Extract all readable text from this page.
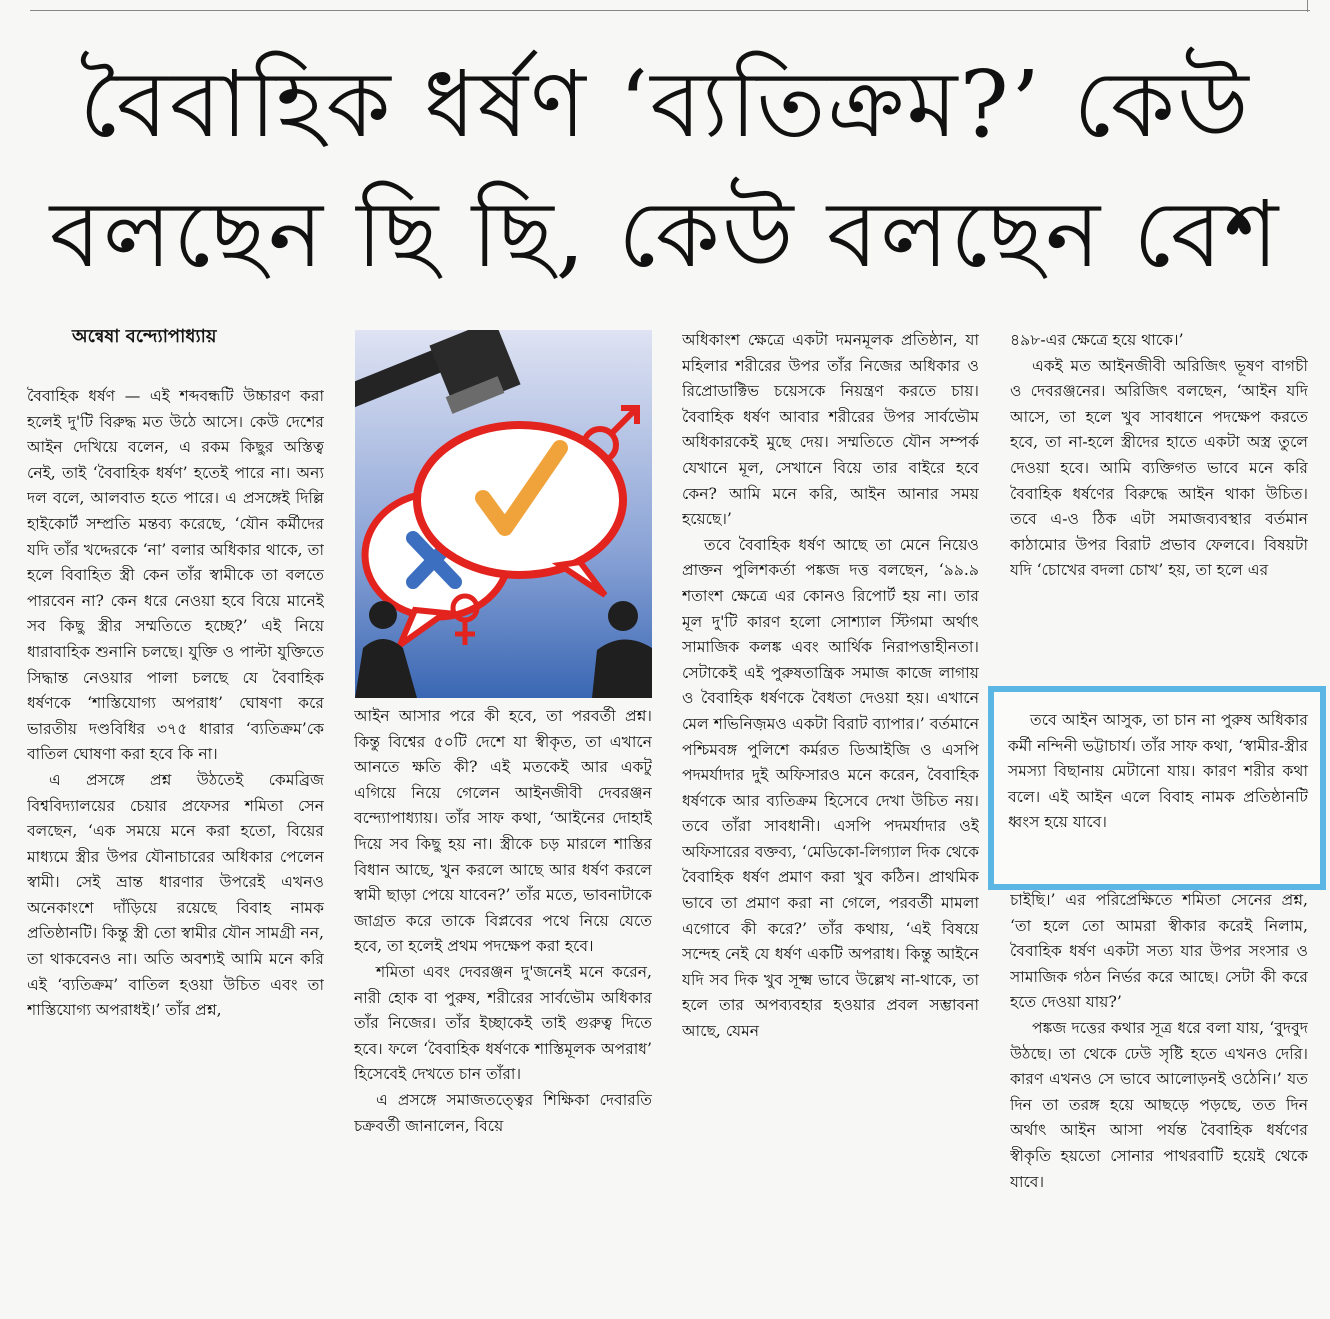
বৈবাহিক ধর্ষণ ‘ব্যতিক্রম?’ কেউ
বলছেন ছি ছি, কেউ বলছেন বেশ
অন্বেষা বন্দ্যোপাধ্যায়

বৈবাহিক ধর্ষণ — এই শব্দবন্ধটি উচ্চারণ করা হলেই দু'টি বিরুদ্ধ মত উঠে আসে। কেউ দেশের আইন দেখিয়ে বলেন, এ রকম কিছুর অস্তিত্ব নেই, তাই ‘বৈবাহিক ধর্ষণ’ হতেই পারে না। অন্য দল বলে, আলবাত হতে পারে। এ প্রসঙ্গেই দিল্লি হাইকোর্ট সম্প্রতি মন্তব্য করেছে, ‘যৌন কর্মীদের যদি তাঁর খদ্দেরকে ‘না’ বলার অধিকার থাকে, তা হলে বিবাহিত স্ত্রী কেন তাঁর স্বামীকে তা বলতে পারবেন না? কেন ধরে নেওয়া হবে বিয়ে মানেই সব কিছু স্ত্রীর সম্মতিতে হচ্ছে?’ এই নিয়ে ধারাবাহিক শুনানি চলছে। যুক্তি ও পাল্টা যুক্তিতে সিদ্ধান্ত নেওয়ার পালা চলছে যে বৈবাহিক ধর্ষণকে ‘শাস্তিযোগ্য অপরাধ’ ঘোষণা করে ভারতীয় দণ্ডবিধির ৩৭৫ ধারার ‘ব্যতিক্রম’কে বাতিল ঘোষণা করা হবে কি না।

এ প্রসঙ্গে প্রশ্ন উঠতেই কেমব্রিজ বিশ্ববিদ্যালয়ের চেয়ার প্রফেসর শমিতা সেন বলছেন, ‘এক সময়ে মনে করা হতো, বিয়ের মাধ্যমে স্ত্রীর উপর যৌনাচারের অধিকার পেলেন স্বামী। সেই ভ্রান্ত ধারণার উপরেই এখনও অনেকাংশে দাঁড়িয়ে রয়েছে বিবাহ নামক প্রতিষ্ঠানটি। কিন্তু স্ত্রী তো স্বামীর যৌন সামগ্রী নন, তা থাকবেনও না। অতি অবশ্যই আমি মনে করি এই ‘ব্যতিক্রম’ বাতিল হওয়া উচিত এবং তা শাস্তিযোগ্য অপরাধই।’ তাঁর প্রশ্ন,

আইন আসার পরে কী হবে, তা পরবর্তী প্রশ্ন। কিন্তু বিশ্বের ৫০টি দেশে যা স্বীকৃত, তা এখানে আনতে ক্ষতি কী? এই মতকেই আর একটু এগিয়ে নিয়ে গেলেন আইনজীবী দেবরঞ্জন বন্দ্যোপাধ্যায়। তাঁর সাফ কথা, ‘আইনের দোহাই দিয়ে সব কিছু হয় না। স্ত্রীকে চড় মারলে শাস্তির বিধান আছে, খুন করলে আছে আর ধর্ষণ করলে স্বামী ছাড়া পেয়ে যাবেন?’ তাঁর মতে, ভাবনাটাকে জাগ্রত করে তাকে বিপ্লবের পথে নিয়ে যেতে হবে, তা হলেই প্রথম পদক্ষেপ করা হবে।

শমিতা এবং দেবরঞ্জন দু'জনেই মনে করেন, নারী হোক বা পুরুষ, শরীরের সার্বভৌম অধিকার তাঁর নিজের। তাঁর ইচ্ছাকেই তাই গুরুত্ব দিতে হবে। ফলে ‘বৈবাহিক ধর্ষণকে শাস্তিমূলক অপরাধ’ হিসেবেই দেখতে চান তাঁরা।

এ প্রসঙ্গে সমাজতত্ত্বের শিক্ষিকা দেবারতি চক্রবর্তী জানালেন, বিয়ে

অধিকাংশ ক্ষেত্রে একটা দমনমূলক প্রতিষ্ঠান, যা মহিলার শরীরের উপর তাঁর নিজের অধিকার ও রিপ্রোডাক্টিভ চয়েসকে নিয়ন্ত্রণ করতে চায়। বৈবাহিক ধর্ষণ আবার শরীরের উপর সার্বভৌম অধিকারকেই মুছে দেয়। সম্মতিতে যৌন সম্পর্ক যেখানে মূল, সেখানে বিয়ে তার বাইরে হবে কেন? আমি মনে করি, আইন আনার সময় হয়েছে।’

তবে বৈবাহিক ধর্ষণ আছে তা মেনে নিয়েও প্রাক্তন পুলিশকর্তা পঙ্কজ দত্ত বলছেন, ‘৯৯.৯ শতাংশ ক্ষেত্রে এর কোনও রিপোর্ট হয় না। তার মূল দু'টি কারণ হলো সোশ্যাল স্টিগমা অর্থাৎ সামাজিক কলঙ্ক এবং আর্থিক নিরাপত্তাহীনতা। সেটাকেই এই পুরুষতান্ত্রিক সমাজ কাজে লাগায় ও বৈবাহিক ধর্ষণকে বৈধতা দেওয়া হয়। এখানে মেল শভিনিজ়মও একটা বিরাট ব্যাপার।’ বর্তমানে পশ্চিমবঙ্গ পুলিশে কর্মরত ডিআইজি ও এসপি পদমর্যাদার দুই অফিসারও মনে করেন, বৈবাহিক ধর্ষণকে আর ব্যতিক্রম হিসেবে দেখা উচিত নয়। তবে তাঁরা সাবধানী। এসপি পদমর্যাদার ওই অফিসারের বক্তব্য, ‘মেডিকো-লিগ্যাল দিক থেকে বৈবাহিক ধর্ষণ প্রমাণ করা খুব কঠিন। প্রাথমিক ভাবে তা প্রমাণ করা না গেলে, পরবর্তী মামলা এগোবে কী করে?’ তাঁর কথায়, ‘এই বিষয়ে সন্দেহ নেই যে ধর্ষণ একটি অপরাধ। কিন্তু আইনে যদি সব দিক খুব সূক্ষ্ম ভাবে উল্লেখ না-থাকে, তা হলে তার অপব্যবহার হওয়ার প্রবল সম্ভাবনা আছে, যেমন

৪৯৮-এর ক্ষেত্রে হয়ে থাকে।’

একই মত আইনজীবী অরিজিৎ ভূষণ বাগচী ও দেবরঞ্জনের। অরিজিৎ বলছেন, ‘আইন যদি আসে, তা হলে খুব সাবধানে পদক্ষেপ করতে হবে, তা না-হলে স্ত্রীদের হাতে একটা অস্ত্র তুলে দেওয়া হবে। আমি ব্যক্তিগত ভাবে মনে করি বৈবাহিক ধর্ষণের বিরুদ্ধে আইন থাকা উচিত। তবে এ-ও ঠিক এটা সমাজব্যবস্থার বর্তমান কাঠামোর উপর বিরাট প্রভাব ফেলবে। বিষয়টা যদি ‘চোখের বদলা চোখ’ হয়, তা হলে এর

তবে আইন আসুক, তা চান না পুরুষ অধিকার কর্মী নন্দিনী ভট্টাচার্য। তাঁর সাফ কথা, ‘স্বামীর-স্ত্রীর সমস্যা বিছানায় মেটানো যায়। কারণ শরীর কথা বলে। এই আইন এলে বিবাহ নামক প্রতিষ্ঠানটি ধ্বংস হয়ে যাবে।

চাইছি।’ এর পরিপ্রেক্ষিতে শমিতা সেনের প্রশ্ন, ‘তা হলে তো আমরা স্বীকার করেই নিলাম, বৈবাহিক ধর্ষণ একটা সত্য যার উপর সংসার ও সামাজিক গঠন নির্ভর করে আছে। সেটা কী করে হতে দেওয়া যায়?’

পঙ্কজ দত্তের কথার সূত্র ধরে বলা যায়, ‘বুদবুদ উঠছে। তা থেকে ঢেউ সৃষ্টি হতে এখনও দেরি। কারণ এখনও সে ভাবে আলোড়নই ওঠেনি।’ যত দিন তা তরঙ্গ হয়ে আছড়ে পড়ছে, তত দিন অর্থাৎ আইন আসা পর্যন্ত বৈবাহিক ধর্ষণের স্বীকৃতি হয়তো সোনার পাথরবাটি হয়েই থেকে যাবে।
